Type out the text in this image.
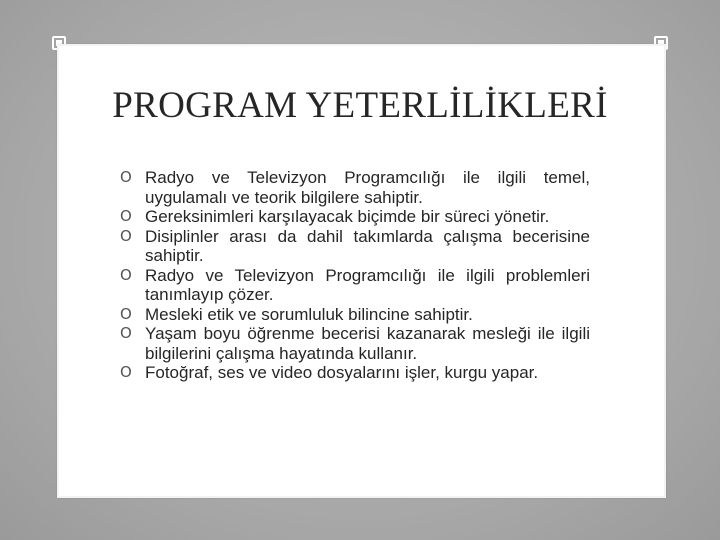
PROGRAM YETERLİLİKLERİ
O Radyo ve Televizyon Programcılığı ile ilgili temel, uygulamalı ve teorik bilgilere sahiptir.
O Gereksinimleri karşılayacak biçimde bir süreci yönetir.
O Disiplinler arası da dahil takımlarda çalışma becerisine sahiptir.
O Radyo ve Televizyon Programcılığı ile ilgili problemleri tanımlayıp çözer.
O Mesleki etik ve sorumluluk bilincine sahiptir.
O Yaşam boyu öğrenme becerisi kazanarak mesleği ile ilgili bilgilerini çalışma hayatında kullanır.
O Fotoğraf, ses ve video dosyalarını işler, kurgu yapar.
